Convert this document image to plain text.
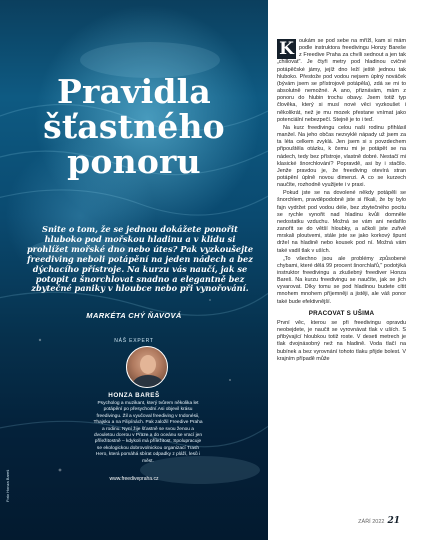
Pravidla
šťastného
ponoru
Snite o tom, že se jednou dokážete ponořit hluboko pod mořskou hladinu a v klidu si prohlížet mořské dno nebo útes? Pak vyzkoušejte freediving neboli potápění na jeden nádech a bez dýchacího přístroje. Na kurzu vás naučí, jak se potopit a šnorchlovat snadno a elegantně bez zbytečné paniky v hloubce nebo při vynořování.
MARKÉTA CHÝ ŇAVOVÁ
NÁŠ EXPERT
HONZA BAREŠ
Psycholog a muzikant, který tvůrem několika let potápění po přesychodní.Asi objevil krásu freedivingu. Žil a vyučoval freediving v Indonésii, Thajsku a na Filipínách. Pak založil Freedive Praha a rodinu. Nyní žije šťastně se svou ženou a dvouletou dcerou v Praze a do oceánu se vrací jen příležitostně – kdykoli má příležitost. Spolupracuje se ekologickou dobrovolnickou organizací Trash Hero, která pomáhá sbírat odpadky z pláží, lesů i měst.
www.freedivepraha.cz
Foto Honza Bareš
K oukám se pod sebe na mřížl, kam si mám podle instruktora freedivingu Honzy Bareše z Freedive Praha za chvíli sednout a jen tak „chillovat". Je čtyři metry pod hladinou cvičné potápěčské jámy, jejíž dno leží ještě jednou tak hluboko. Přestože pod vodou nejsem úplný nováček (bývám jsem se přístrojově potápěla), zdá se mi to absolutně nemožné. A ano, přiznávám, mám z ponoru do hlubin trochu obavy. Jsem totiž typ člověka, který si musí nové věci vyzkoušet i několikrát, než je mu mozek přestane vnímat jako potenciální nebezpečí. Stejně je to i teď.

Na kurz freedivingu celou naši rodinu přihlásil manžel. Na jeho občas nezvyklé nápady už jsem za ta léta celkem zvyklá. Jen jsem si s povzdechem připouštěla otázku, k čemu mi je potápět se na nádech, tedy bez přístroje, vlastně dobré. Nestačí mi klasické šnorchlování? Popravdě, asi by i stačilo. Jenže pravdou je, že freediving otevírá stran potápění úplně novou dimenzi. A co se kurzech naučíte, rozhodně využijete i v praxi.

Pokud jste se na dovolené někdy potápěli se šnorchlem, pravděpodobně jste si říkali, že by bylo fajn vydržet pod vodou déle, bez zbytečného pocitu se rychle vynořit nad hladinu kvůli domněle nedostatku vzduchu. Možná se vám ani nedařilo zanořit se do větší hloubky, a ačkoli jste zuřivě mrskali ploutvemi, stále jste se jako korkový špunt držel na hladině nebo kousek pod ní. Možná vám také vadil tlak v uších.

„To všechno jsou ale problémy způsobené chybami, které dělá 99 procent šnorchlařů," podotýká instruktor freedivingu a zkušebný freediver Honza Bareš. Na kurzu freedivingu se naučíte, jak se jich vyvarovat. Díky tomu se pod hladinou budete cítit mnohem mnohem příjemněji a jistěji, ale váš ponor také bude efektivnější.

PRACOVAT S UŠIMA

První věc, kterou se při freedivingu opravdu neobejdete, je naučit se vyrovnávat tlak v uších. S přibývající hloubkou totiž roste. V deseti metrech je tlak dvojnásobný než na hladině. Voda tlačí na bubínek a bez vyrovnání tohoto tlaku přijde bolest. V krajním případě může

ZÁŘÍ 2022 21
